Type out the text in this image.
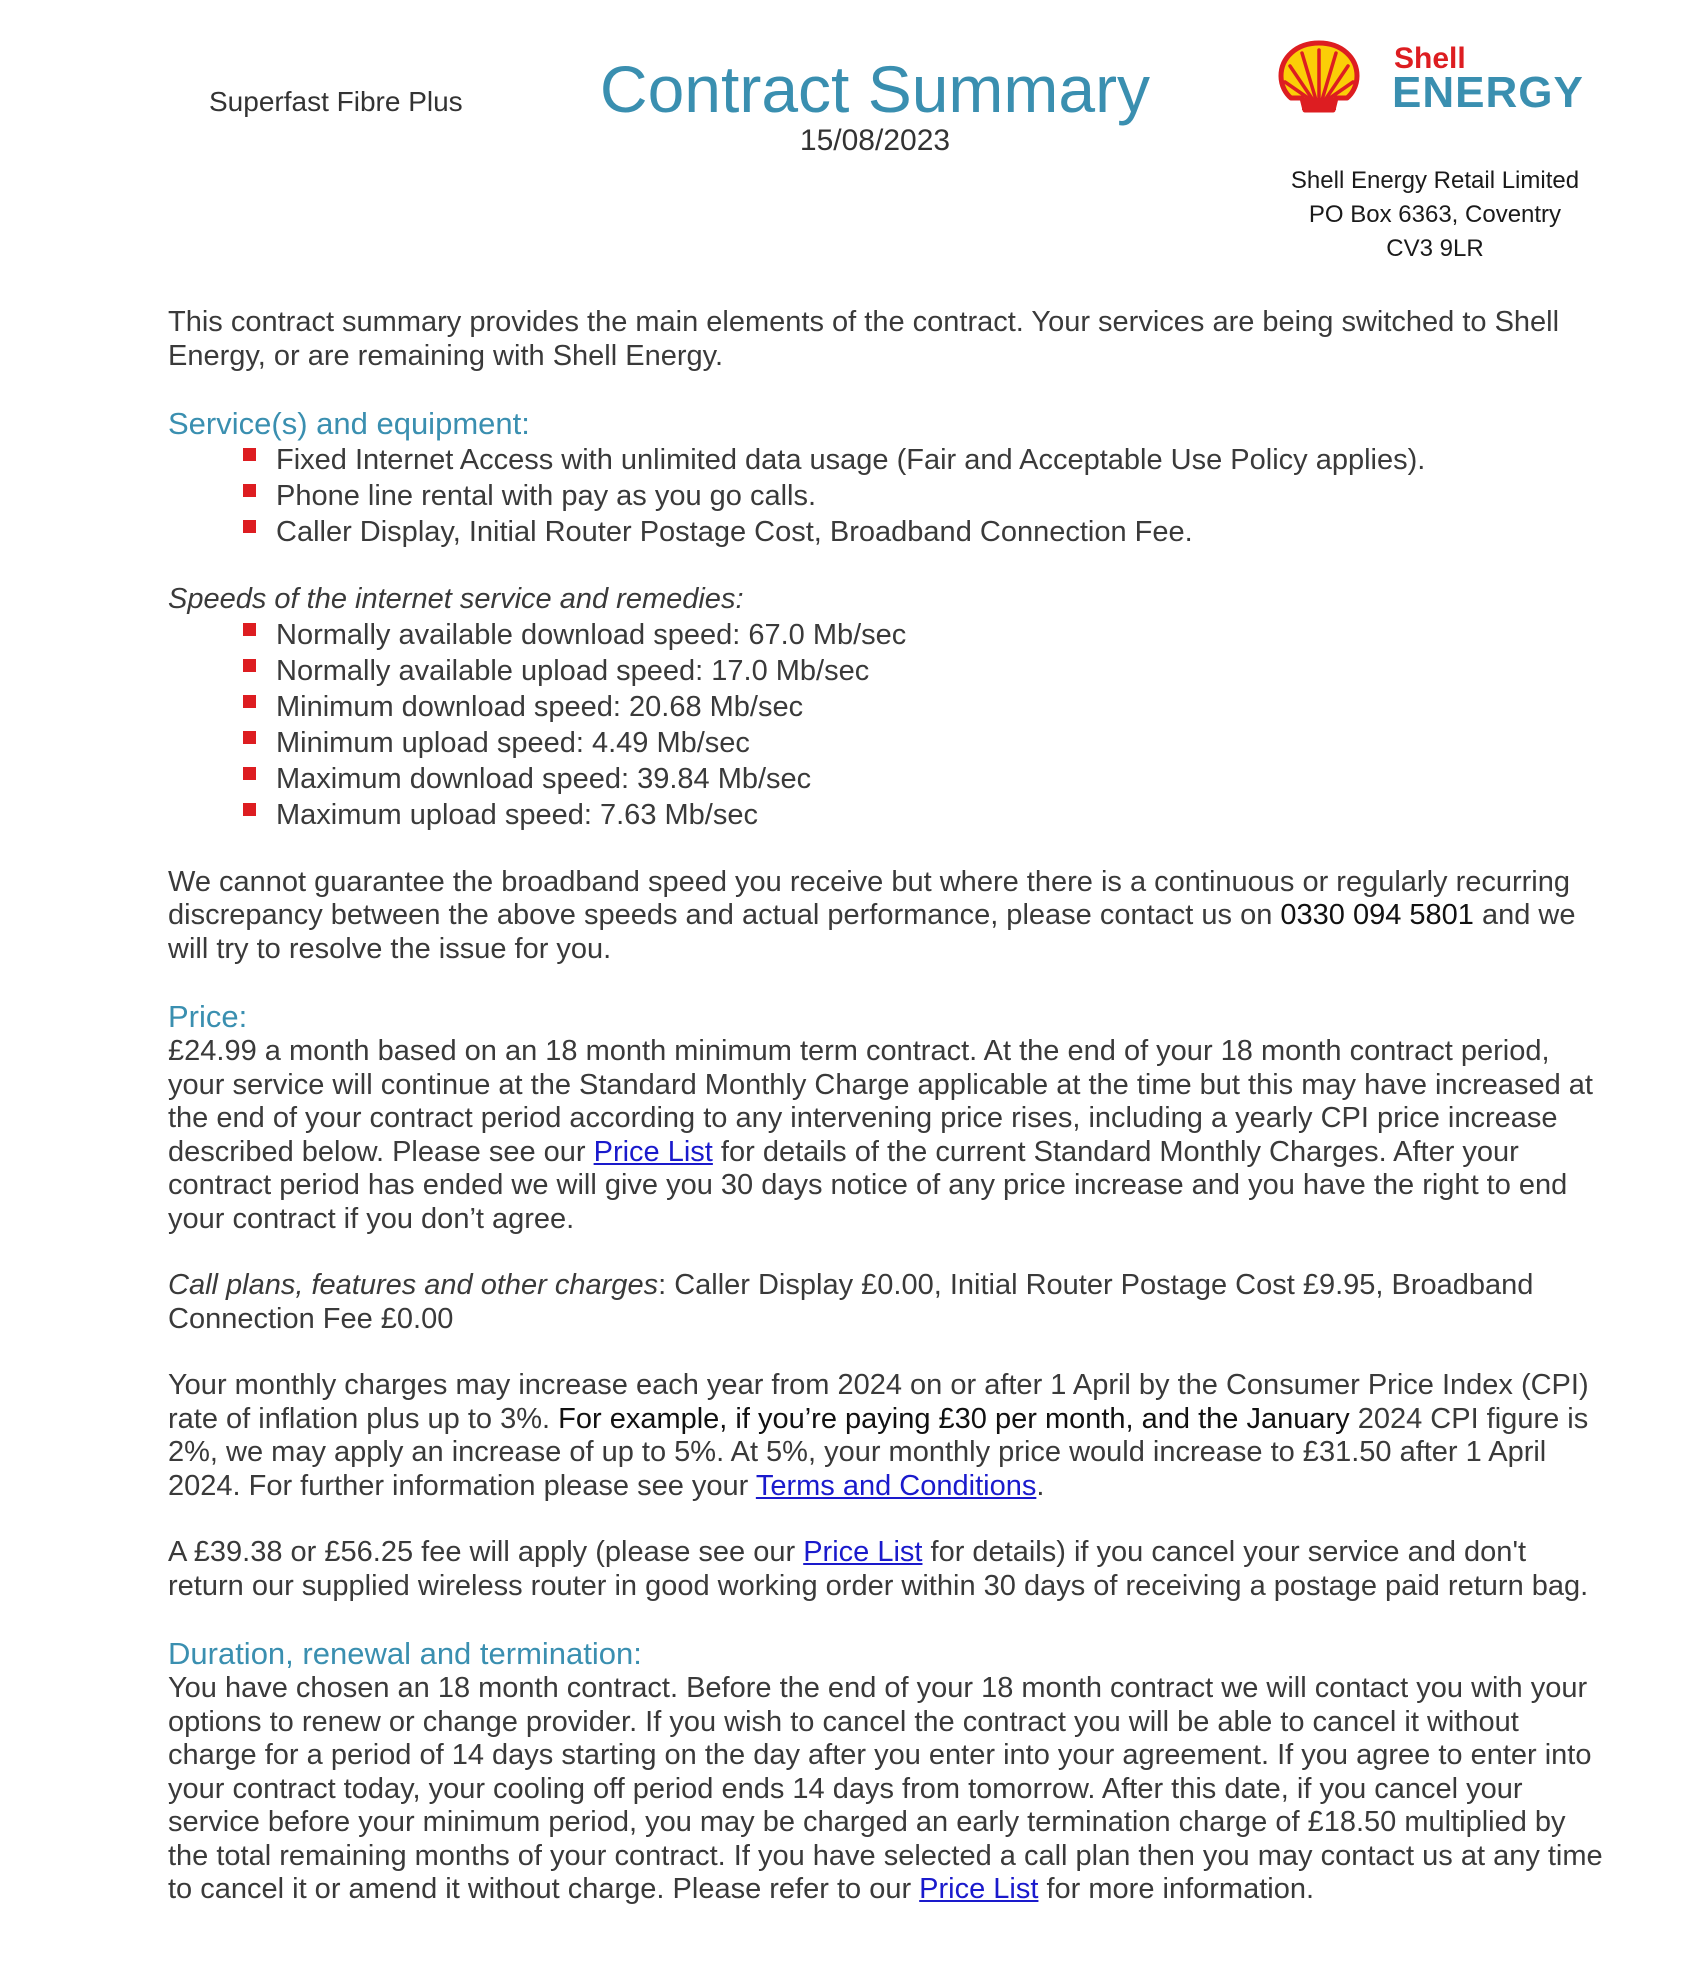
Superfast Fibre Plus	Contract Summary
15/08/2023
Shell
ENERGY
Shell Energy Retail Limited
PO Box 6363, Coventry
CV3 9LR

This contract summary provides the main elements of the contract. Your services are being switched to Shell Energy, or are remaining with Shell Energy.

Service(s) and equipment:
Fixed Internet Access with unlimited data usage (Fair and Acceptable Use Policy applies).
Phone line rental with pay as you go calls.
Caller Display, Initial Router Postage Cost, Broadband Connection Fee.

Speeds of the internet service and remedies:

Normally available download speed: 67.0 Mb/sec
Normally available upload speed: 17.0 Mb/sec
Minimum download speed: 20.68 Mb/sec
Minimum upload speed: 4.49 Mb/sec
Maximum download speed: 39.84 Mb/sec
Maximum upload speed: 7.63 Mb/sec

We cannot guarantee the broadband speed you receive but where there is a continuous or regularly recurring discrepancy between the above speeds and actual performance, please contact us on 0330 094 5801 and we will try to resolve the issue for you.

Price:

£24.99 a month based on an 18 month minimum term contract. At the end of your 18 month contract period, your service will continue at the Standard Monthly Charge applicable at the time but this may have increased at the end of your contract period according to any intervening price rises, including a yearly CPI price increase described below. Please see our Price List for details of the current Standard Monthly Charges. After your contract period has ended we will give you 30 days notice of any price increase and you have the right to end your contract if you don’t agree.

Call plans, features and other charges: Caller Display £0.00, Initial Router Postage Cost £9.95, Broadband Connection Fee £0.00

Your monthly charges may increase each year from 2024 on or after 1 April by the Consumer Price Index (CPI) rate of inflation plus up to 3%. For example, if you’re paying £30 per month, and the January 2024 CPI figure is 2%, we may apply an increase of up to 5%. At 5%, your monthly price would increase to £31.50 after 1 April 2024. For further information please see your Terms and Conditions.

A £39.38 or £56.25 fee will apply (please see our Price List for details) if you cancel your service and don't return our supplied wireless router in good working order within 30 days of receiving a postage paid return bag.

Duration, renewal and termination:

You have chosen an 18 month contract. Before the end of your 18 month contract we will contact you with your options to renew or change provider. If you wish to cancel the contract you will be able to cancel it without charge for a period of 14 days starting on the day after you enter into your agreement. If you agree to enter into your contract today, your cooling off period ends 14 days from tomorrow. After this date, if you cancel your service before your minimum period, you may be charged an early termination charge of £18.50 multiplied by the total remaining months of your contract. If you have selected a call plan then you may contact us at any time to cancel it or amend it without charge. Please refer to our Price List for more information.
